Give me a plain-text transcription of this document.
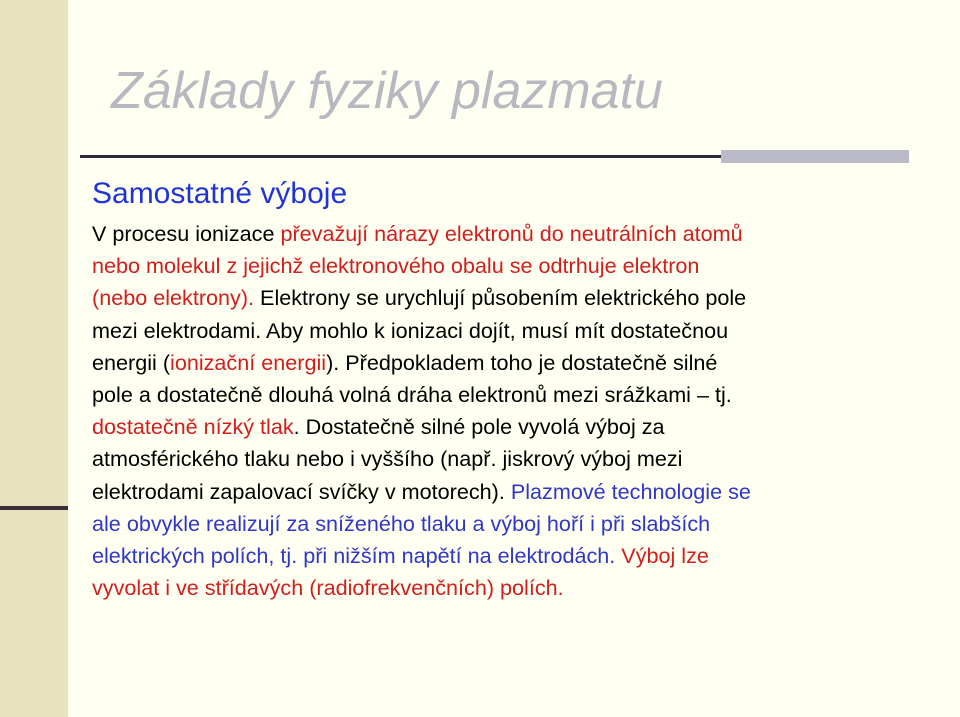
Základy fyziky plazmatu
Samostatné výboje
V procesu ionizace převažují nárazy elektronů do neutrálních atomů
nebo molekul z jejichž elektronového obalu se odtrhuje elektron
(nebo elektrony). Elektrony se urychlují působením elektrického pole
mezi elektrodami. Aby mohlo k ionizaci dojít, musí mít dostatečnou
energii (ionizační energii). Předpokladem toho je dostatečně silné
pole a dostatečně dlouhá volná dráha elektronů mezi srážkami – tj.
dostatečně nízký tlak. Dostatečně silné pole vyvolá výboj za
atmosférického tlaku nebo i vyššího (např. jiskrový výboj mezi
elektrodami zapalovací svíčky v motorech). Plazmové technologie se
ale obvykle realizují za sníženého tlaku a výboj hoří i při slabších
elektrických polích, tj. při nižším napětí na elektrodách. Výboj lze
vyvolat i ve střídavých (radiofrekvenčních) polích.
